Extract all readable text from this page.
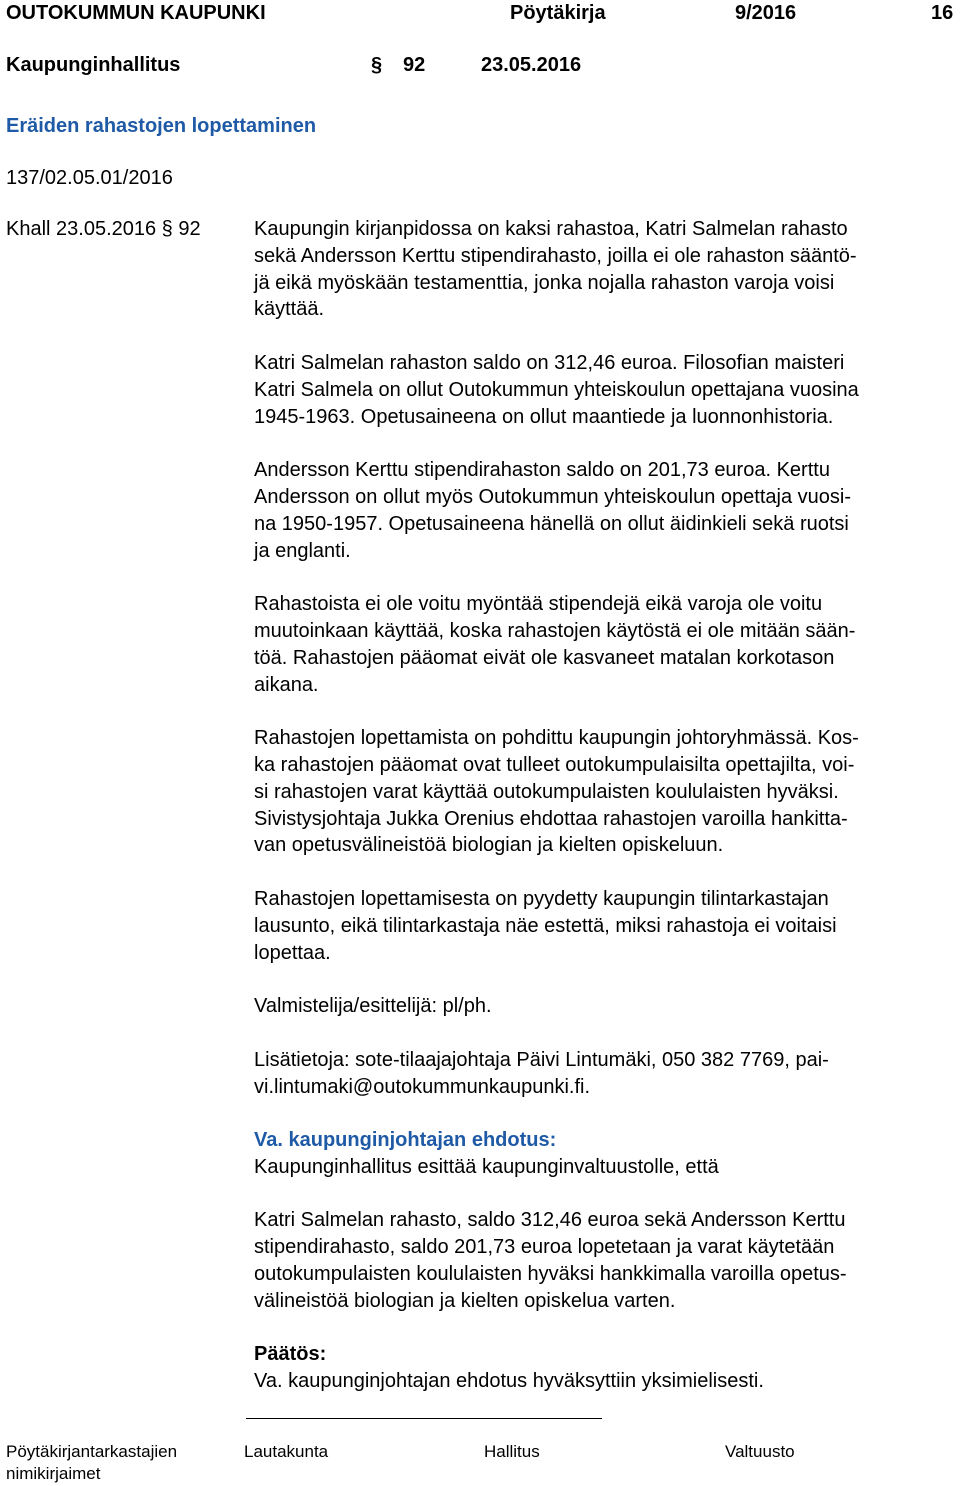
OUTOKUMMUN KAUPUNKI	Pöytäkirja	9/2016	16
Kaupunginhallitus	§ 92	23.05.2016
Eräiden rahastojen lopettaminen
137/02.05.01/2016
Khall 23.05.2016 § 92	Kaupungin kirjanpidossa on kaksi rahastoa, Katri Salmelan rahasto
sekä Andersson Kerttu stipendirahasto, joilla ei ole rahaston sääntö-
jä eikä myöskään testamenttia, jonka nojalla rahaston varoja voisi
käyttää.
Katri Salmelan rahaston saldo on 312,46 euroa. Filosofian maisteri
Katri Salmela on ollut Outokummun yhteiskoulun opettajana vuosina
1945-1963. Opetusaineena on ollut maantiede ja luonnonhistoria.
Andersson Kerttu stipendirahaston saldo on 201,73 euroa. Kerttu
Andersson on ollut myös Outokummun yhteiskoulun opettaja vuosi-
na 1950-1957. Opetusaineena hänellä on ollut äidinkieli sekä ruotsi
ja englanti.
Rahastoista ei ole voitu myöntää stipendejä eikä varoja ole voitu
muutoinkaan käyttää, koska rahastojen käytöstä ei ole mitään sään-
töä. Rahastojen pääomat eivät ole kasvaneet matalan korkotason
aikana.
Rahastojen lopettamista on pohdittu kaupungin johtoryhmässä. Kos-
ka rahastojen pääomat ovat tulleet outokumpulaisilta opettajilta, voi-
si rahastojen varat käyttää outokumpulaisten koululaisten hyväksi.
Sivistysjohtaja Jukka Orenius ehdottaa rahastojen varoilla hankitta-
van opetusvälineistöä biologian ja kielten opiskeluun.
Rahastojen lopettamisesta on pyydetty kaupungin tilintarkastajan
lausunto, eikä tilintarkastaja näe estettä, miksi rahastoja ei voitaisi
lopettaa.
Valmistelija/esittelijä: pl/ph.
Lisätietoja: sote-tilaajajohtaja Päivi Lintumäki, 050 382 7769, pai-
vi.lintumaki@outokummunkaupunki.fi.
Va. kaupunginjohtajan ehdotus:
Kaupunginhallitus esittää kaupunginvaltuustolle, että
Katri Salmelan rahasto, saldo 312,46 euroa sekä Andersson Kerttu
stipendirahasto, saldo 201,73 euroa lopetetaan ja varat käytetään
outokumpulaisten koululaisten hyväksi hankkimalla varoilla opetus-
välineistöä biologian ja kielten opiskelua varten.
Päätös:
Va. kaupunginjohtajan ehdotus hyväksyttiin yksimielisesti.
Pöytäkirjantarkastajien
nimikirjaimet
Lautakunta	Hallitus	Valtuusto
